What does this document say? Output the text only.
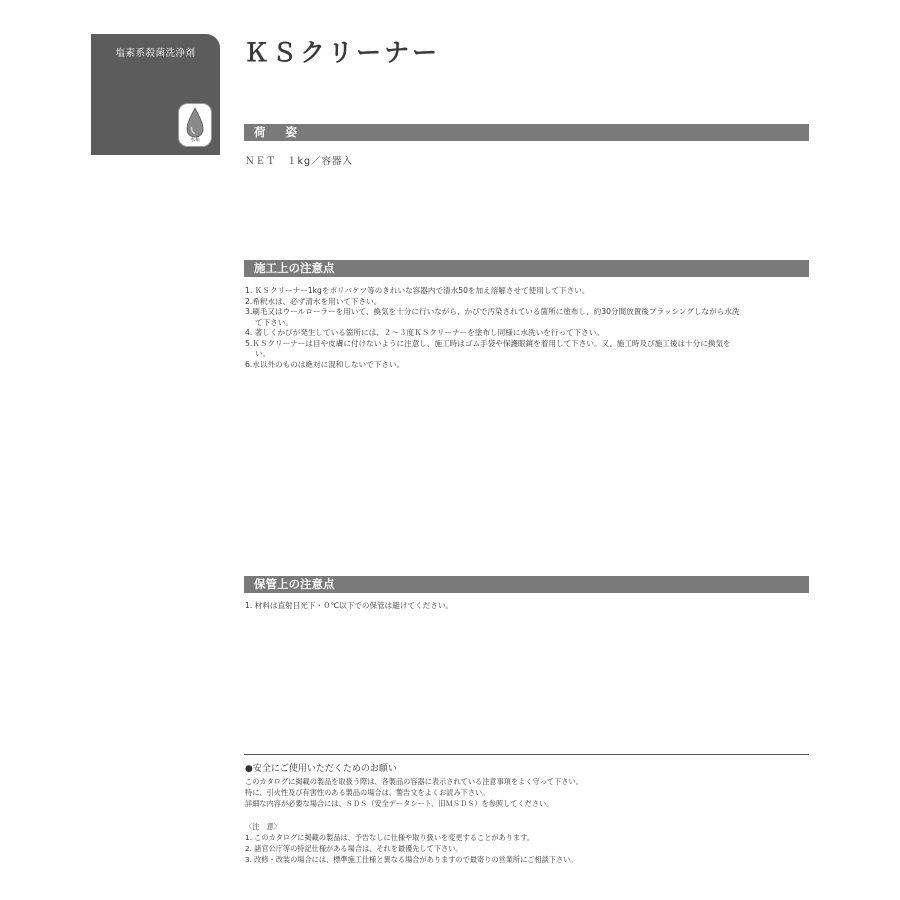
塩素系殺菌洗浄剤
水系
ＫＳクリーナー
荷姿
ＮＥＴ　１kg／容器入
施工上の注意点
1. ＫＳクリーナー1kgをポリバケツ等のきれいな容器内で清水50を加え溶解させて使用して下さい。
2.希釈水は、必ず清水を用いて下さい。
3.刷毛又はウールローラーを用いて、換気を十分に行いながら、かびで汚染されている箇所に塗布し、約30分間放置後ブラッシングしながら水洗
て下さい。
4. 著しくかびが発生している箇所には、２～３度ＫＳクリーナーを塗布し同様に水洗いを行って下さい。
5.ＫＳクリーナーは目や皮膚に付けないように注意し、施工時はゴム手袋や保護眼鏡を着用して下さい。又、施工時及び施工後は十分に換気を
い。
6.水以外のものは絶対に混和しないで下さい。
保管上の注意点
1. 材料は直射日光下・０℃以下での保管は避けてください。
●安全にご使用いただくためのお願い
このカタログに掲載の製品を取扱う際は、各製品の容器に表示されている注意事項をよく守って下さい。
特に、引火性及び有害性のある製品の場合は、警告文をよくお読み下さい。
詳細な内容が必要な場合には、ＳＤＳ（安全データシート、旧ＭＳＤＳ）を参照してください。
〈注　意〉
1. このカタログに掲載の製品は、予告なしに仕様や取り扱いを変更することがあります。
2. 諸官公庁等の特記仕様がある場合は、それを最優先して下さい。
3. 改修・改装の場合には、標準施工仕様と異なる場合がありますので最寄りの営業所にご相談下さい。
